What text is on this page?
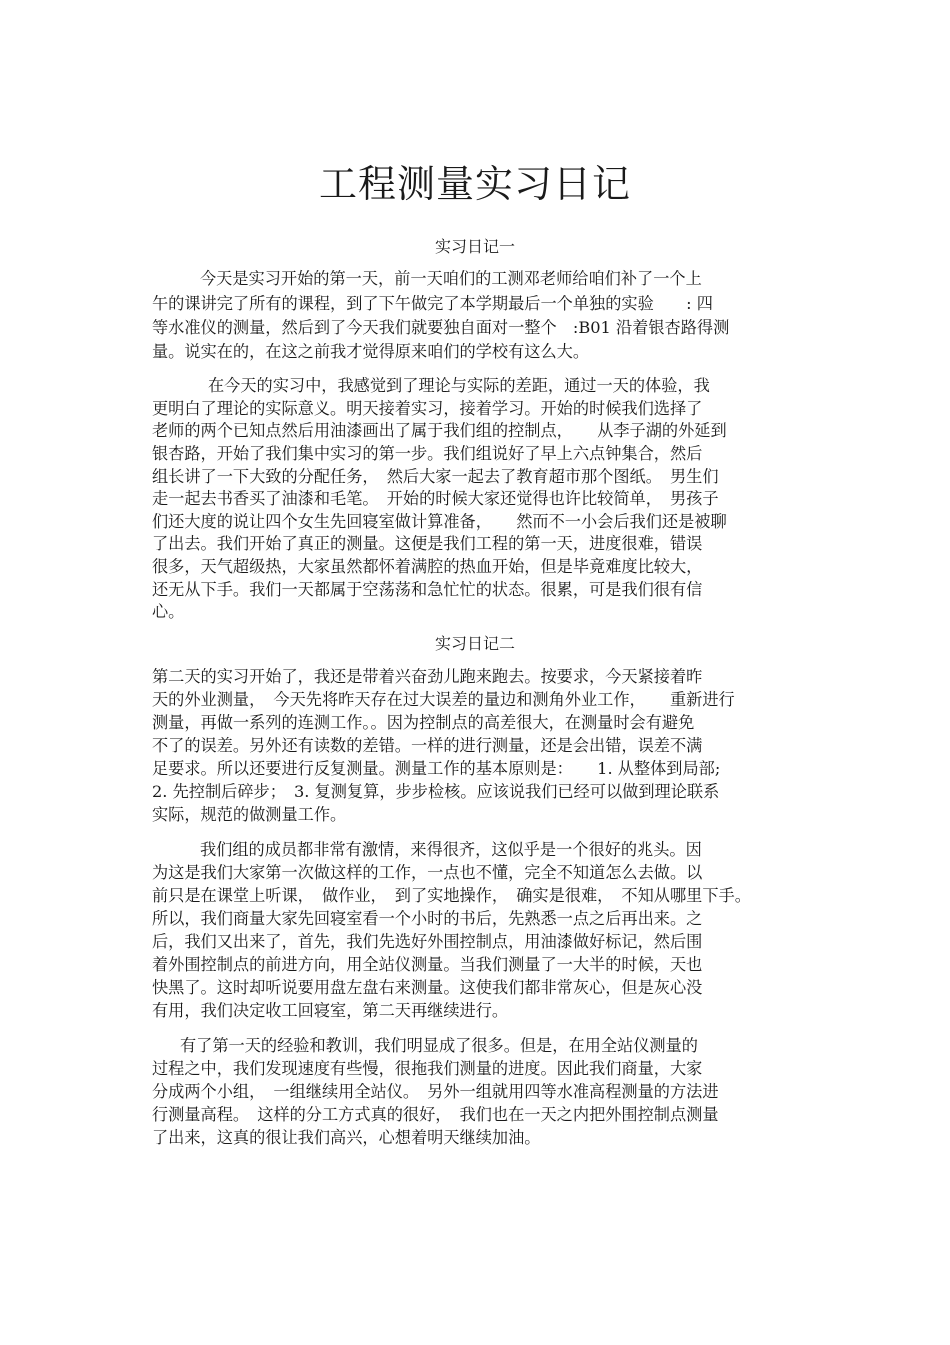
工程测量实习日记
实习日记一
今天是实习开始的第一天，前一天咱们的工测邓老师给咱们补了一个上
午的课讲完了所有的课程，到了下午做完了本学期最后一个单独的实验　　: 四
等水准仪的测量，然后到了今天我们就要独自面对一整个　:B01 沿着银杏路得测
量。说实在的，在这之前我才觉得原来咱们的学校有这么大。
在今天的实习中，我感觉到了理论与实际的差距，通过一天的体验，我
更明白了理论的实际意义。明天接着实习，接着学习。开始的时候我们选择了
老师的两个已知点然后用油漆画出了属于我们组的控制点，　　从李子湖的外延到
银杏路，开始了我们集中实习的第一步。我们组说好了早上六点钟集合，然后
组长讲了一下大致的分配任务，　然后大家一起去了教育超市那个图纸。　男生们
走一起去书香买了油漆和毛笔。　开始的时候大家还觉得也许比较简单，　男孩子
们还大度的说让四个女生先回寝室做计算准备，　　然而不一小会后我们还是被聊
了出去。我们开始了真正的测量。这便是我们工程的第一天，进度很难，错误
很多，天气超级热，大家虽然都怀着满腔的热血开始，但是毕竟难度比较大，
还无从下手。我们一天都属于空荡荡和急忙忙的状态。很累，可是我们很有信
心。
实习日记二
第二天的实习开始了，我还是带着兴奋劲儿跑来跑去。按要求，今天紧接着昨
天的外业测量，　今天先将昨天存在过大误差的量边和测角外业工作，　　重新进行
测量，再做一系列的连测工作。。因为控制点的高差很大，在测量时会有避免
不了的误差。另外还有读数的差错。一样的进行测量，还是会出错，误差不满
足要求。所以还要进行反复测量。测量工作的基本原则是：　　1. 从整体到局部;
2. 先控制后碎步；　3. 复测复算，步步检核。应该说我们已经可以做到理论联系
实际，规范的做测量工作。
我们组的成员都非常有激情，来得很齐，这似乎是一个很好的兆头。因
为这是我们大家第一次做这样的工作，一点也不懂，完全不知道怎么去做。以
前只是在课堂上听课，　做作业，　到了实地操作，　确实是很难，　不知从哪里下手。
所以，我们商量大家先回寝室看一个小时的书后，先熟悉一点之后再出来。之
后，我们又出来了，首先，我们先选好外围控制点，用油漆做好标记，然后围
着外围控制点的前进方向，用全站仪测量。当我们测量了一大半的时候，天也
快黑了。这时却听说要用盘左盘右来测量。这使我们都非常灰心，但是灰心没
有用，我们决定收工回寝室，第二天再继续进行。
有了第一天的经验和教训，我们明显成了很多。但是，在用全站仪测量的
过程之中，我们发现速度有些慢，很拖我们测量的进度。因此我们商量，大家
分成两个小组，　一组继续用全站仪。　另外一组就用四等水准高程测量的方法进
行测量高程。　这样的分工方式真的很好，　我们也在一天之内把外围控制点测量
了出来，这真的很让我们高兴，心想着明天继续加油。
